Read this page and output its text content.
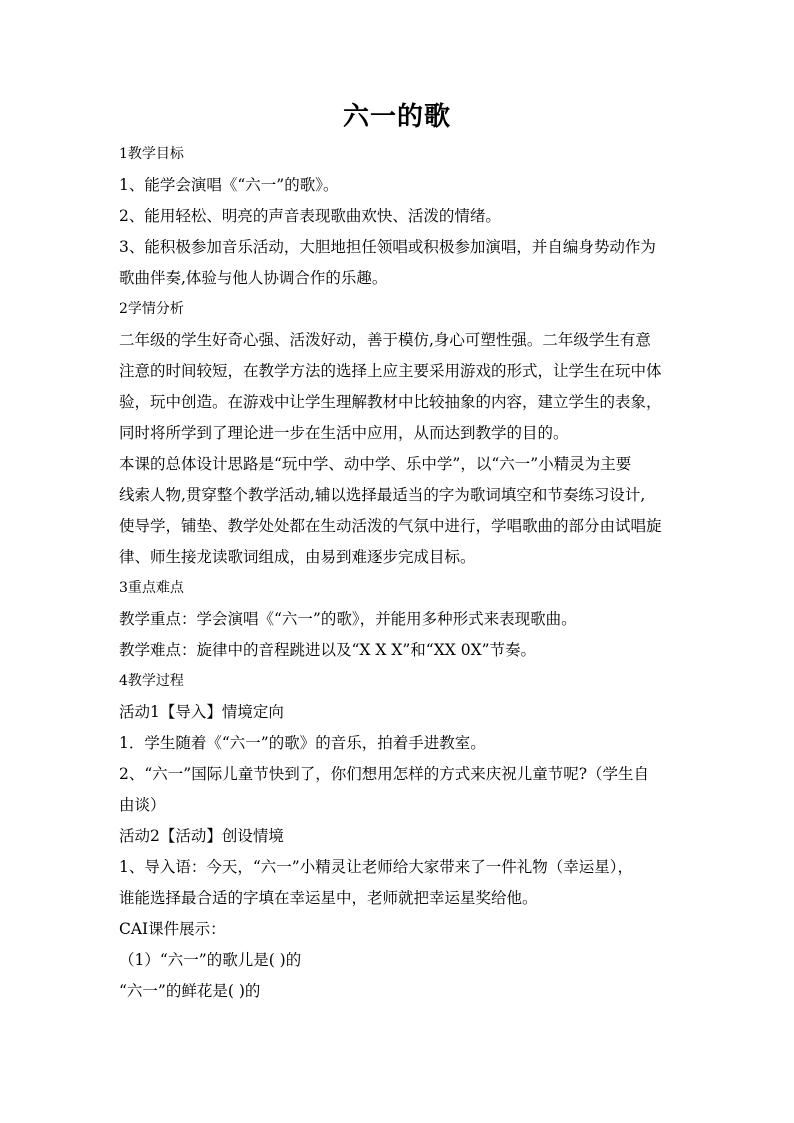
六一的歌

1教学目标

1、能学会演唱《“六一”的歌》。

2、能用轻松、明亮的声音表现歌曲欢快、活泼的情绪。

3、能积极参加音乐活动，大胆地担任领唱或积极参加演唱，并自编身势动作为

歌曲伴奏,体验与他人协调合作的乐趣。

2学情分析

二年级的学生好奇心强、活泼好动，善于模仿,身心可塑性强。二年级学生有意

注意的时间较短，在教学方法的选择上应主要采用游戏的形式，让学生在玩中体

验，玩中创造。在游戏中让学生理解教材中比较抽象的内容，建立学生的表象，

同时将所学到了理论进一步在生活中应用，从而达到教学的目的。

本课的总体设计思路是“玩中学、动中学、乐中学”，以“六一”小精灵为主要

线索人物,贯穿整个教学活动,辅以选择最适当的字为歌词填空和节奏练习设计,

使导学，铺垫、教学处处都在生动活泼的气氛中进行，学唱歌曲的部分由试唱旋

律、师生接龙读歌词组成，由易到难逐步完成目标。

3重点难点

教学重点：学会演唱《“六一”的歌》，并能用多种形式来表现歌曲。

教学难点：旋律中的音程跳进以及“X X X”和“XX 0X”节奏。

4教学过程

活动1【导入】情境定向

1．学生随着《“六一”的歌》的音乐，拍着手进教室。

2、“六一”国际儿童节快到了，你们想用怎样的方式来庆祝儿童节呢?（学生自

由谈）

活动2【活动】创设情境

1、导入语：今天，“六一”小精灵让老师给大家带来了一件礼物（幸运星），

谁能选择最合适的字填在幸运星中，老师就把幸运星奖给他。

CAI课件展示：

（1）“六一”的歌儿是( )的

“六一”的鲜花是( )的
